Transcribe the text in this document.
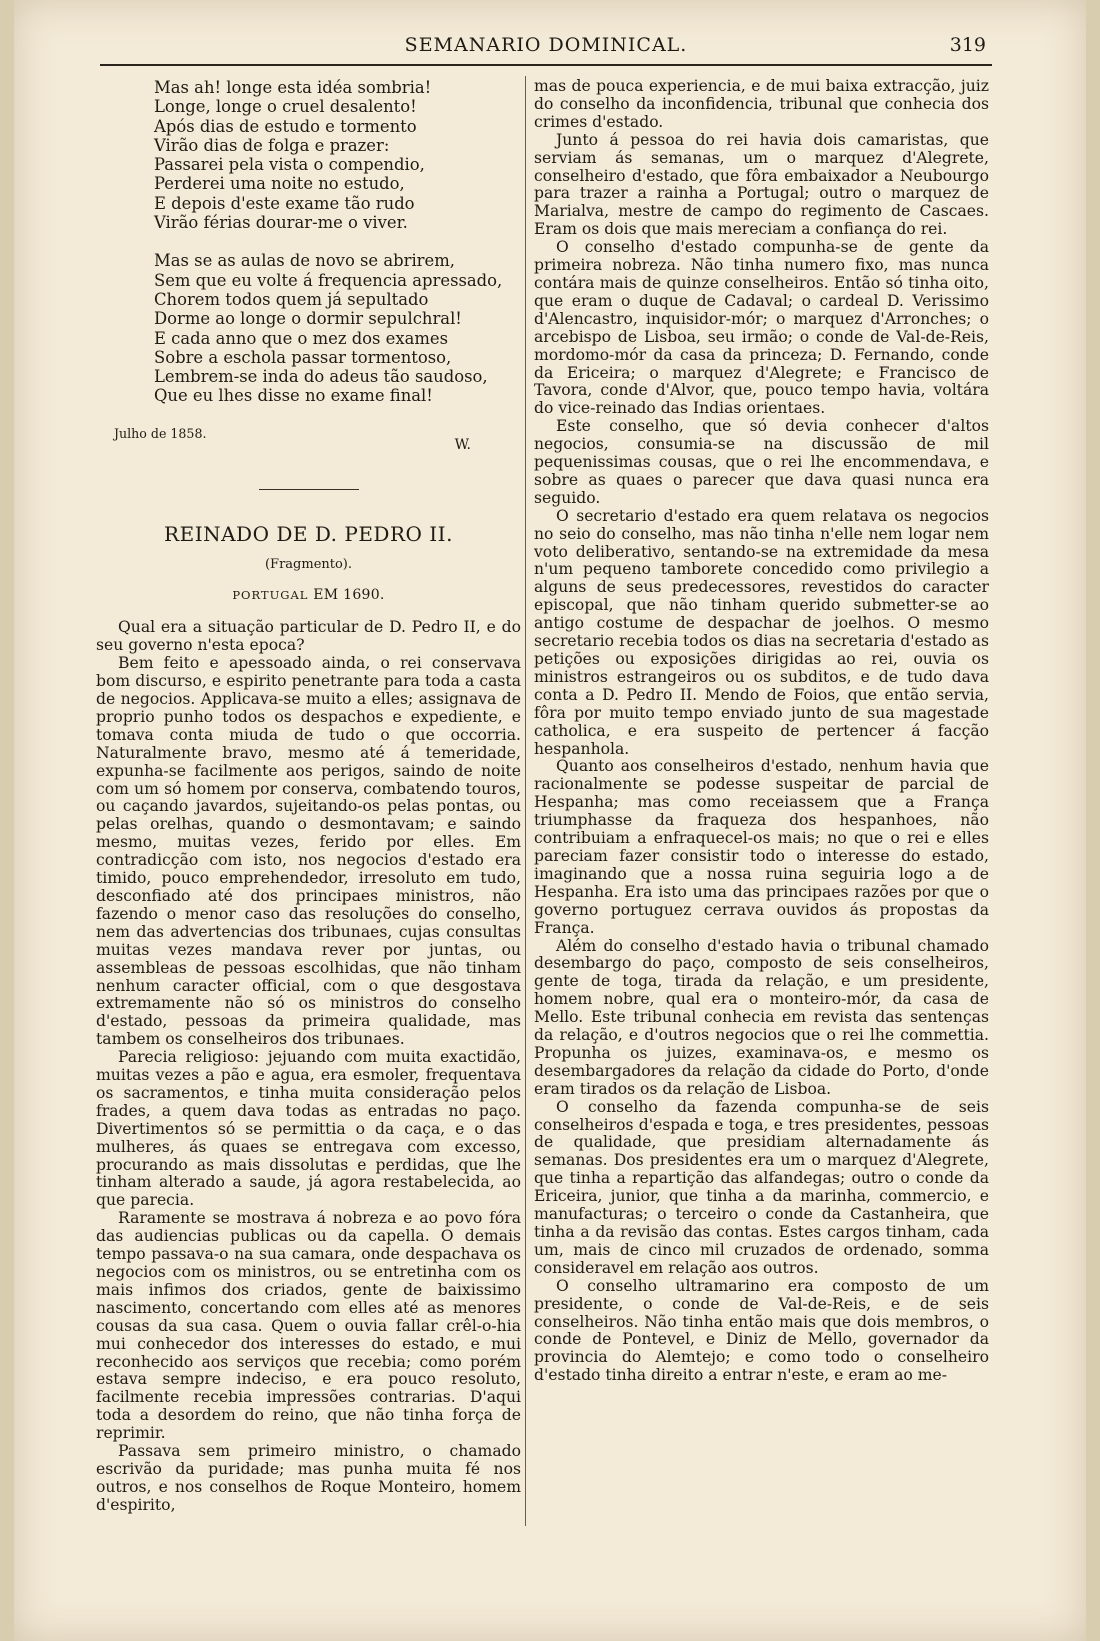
SEMANARIO DOMINICAL.	319
Mas ah! longe esta idéa sombria!
Longe, longe o cruel desalento!
Após dias de estudo e tormento
Virão dias de folga e prazer:
Passarei pela vista o compendio,
Perderei uma noite no estudo,
E depois d'este exame tão rudo
Virão férias dourar-me o viver.
Mas se as aulas de novo se abrirem,
Sem que eu volte á frequencia apressado,
Chorem todos quem já sepultado
Dorme ao longe o dormir sepulchral!
E cada anno que o mez dos exames
Sobre a eschola passar tormentoso,
Lembrem-se inda do adeus tão saudoso,
Que eu lhes disse no exame final!
Julho de 1858.
W.
REINADO DE D. PEDRO II.
(Fragmento).
PORTUGAL EM 1690.

Qual era a situação particular de D. Pedro II, e do seu governo n'esta epoca?

Bem feito e apessoado ainda, o rei conservava bom discurso, e espirito penetrante para toda a casta de negocios. Applicava-se muito a elles; assignava de proprio punho todos os despachos e expediente, e tomava conta miuda de tudo o que occorria. Naturalmente bravo, mesmo até á temeridade, expunha-se facilmente aos perigos, saindo de noite com um só homem por conserva, combatendo touros, ou caçando javardos, sujeitando-os pelas pontas, ou pelas orelhas, quando o desmontavam; e saindo mesmo, muitas vezes, ferido por elles. Em contradicção com isto, nos negocios d'estado era timido, pouco emprehendedor, irresoluto em tudo, desconfiado até dos principaes ministros, não fazendo o menor caso das resoluções do conselho, nem das advertencias dos tribunaes, cujas consultas muitas vezes mandava rever por juntas, ou assembleas de pessoas escolhidas, que não tinham nenhum caracter official, com o que desgostava extremamente não só os ministros do conselho d'estado, pessoas da primeira qualidade, mas tambem os conselheiros dos tribunaes.

Parecia religioso: jejuando com muita exactidão, muitas vezes a pão e agua, era esmoler, frequentava os sacramentos, e tinha muita consideração pelos frades, a quem dava todas as entradas no paço. Divertimentos só se permittia o da caça, e o das mulheres, ás quaes se entregava com excesso, procurando as mais dissolutas e perdidas, que lhe tinham alterado a saude, já agora restabelecida, ao que parecia.

Raramente se mostrava á nobreza e ao povo fóra das audiencias publicas ou da capella. O demais tempo passava-o na sua camara, onde despachava os negocios com os ministros, ou se entretinha com os mais infimos dos criados, gente de baixissimo nascimento, concertando com elles até as menores cousas da sua casa. Quem o ouvia fallar crêl-o-hia mui conhecedor dos interesses do estado, e mui reconhecido aos serviços que recebia; como porém estava sempre indeciso, e era pouco resoluto, facilmente recebia impressões contrarias. D'aqui toda a desordem do reino, que não tinha força de reprimir.

Passava sem primeiro ministro, o chamado escrivão da puridade; mas punha muita fé nos outros, e nos conselhos de Roque Monteiro, homem d'espirito,

mas de pouca experiencia, e de mui baixa extracção, juiz do conselho da inconfidencia, tribunal que conhecia dos crimes d'estado.

Junto á pessoa do rei havia dois camaristas, que serviam ás semanas, um o marquez d'Alegrete, conselheiro d'estado, que fôra embaixador a Neubourgo para trazer a rainha a Portugal; outro o marquez de Marialva, mestre de campo do regimento de Cascaes. Eram os dois que mais mereciam a confiança do rei.

O conselho d'estado compunha-se de gente da primeira nobreza. Não tinha numero fixo, mas nunca contára mais de quinze conselheiros. Então só tinha oito, que eram o duque de Cadaval; o cardeal D. Verissimo d'Alencastro, inquisidor-mór; o marquez d'Arronches; o arcebispo de Lisboa, seu irmão; o conde de Val-de-Reis, mordomo-mór da casa da princeza; D. Fernando, conde da Ericeira; o marquez d'Alegrete; e Francisco de Tavora, conde d'Alvor, que, pouco tempo havia, voltára do vice-reinado das Indias orientaes.

Este conselho, que só devia conhecer d'altos negocios, consumia-se na discussão de mil pequenissimas cousas, que o rei lhe encommendava, e sobre as quaes o parecer que dava quasi nunca era seguido.

O secretario d'estado era quem relatava os negocios no seio do conselho, mas não tinha n'elle nem logar nem voto deliberativo, sentando-se na extremidade da mesa n'um pequeno tamborete concedido como privilegio a alguns de seus predecessores, revestidos do caracter episcopal, que não tinham querido submetter-se ao antigo costume de despachar de joelhos. O mesmo secretario recebia todos os dias na secretaria d'estado as petições ou exposições dirigidas ao rei, ouvia os ministros estrangeiros ou os subditos, e de tudo dava conta a D. Pedro II. Mendo de Foios, que então servia, fôra por muito tempo enviado junto de sua magestade catholica, e era suspeito de pertencer á facção hespanhola.

Quanto aos conselheiros d'estado, nenhum havia que racionalmente se podesse suspeitar de parcial de Hespanha; mas como receiassem que a França triumphasse da fraqueza dos hespanhoes, não contribuiam a enfraquecel-os mais; no que o rei e elles pareciam fazer consistir todo o interesse do estado, imaginando que a nossa ruina seguiria logo a de Hespanha. Era isto uma das principaes razões por que o governo portuguez cerrava ouvidos ás propostas da França.

Além do conselho d'estado havia o tribunal chamado desembargo do paço, composto de seis conselheiros, gente de toga, tirada da relação, e um presidente, homem nobre, qual era o monteiro-mór, da casa de Mello. Este tribunal conhecia em revista das sentenças da relação, e d'outros negocios que o rei lhe commettia. Propunha os juizes, examinava-os, e mesmo os desembargadores da relação da cidade do Porto, d'onde eram tirados os da relação de Lisboa.

O conselho da fazenda compunha-se de seis conselheiros d'espada e toga, e tres presidentes, pessoas de qualidade, que presidiam alternadamente ás semanas. Dos presidentes era um o marquez d'Alegrete, que tinha a repartição das alfandegas; outro o conde da Ericeira, junior, que tinha a da marinha, commercio, e manufacturas; o terceiro o conde da Castanheira, que tinha a da revisão das contas. Estes cargos tinham, cada um, mais de cinco mil cruzados de ordenado, somma consideravel em relação aos outros.

O conselho ultramarino era composto de um presidente, o conde de Val-de-Reis, e de seis conselheiros. Não tinha então mais que dois membros, o conde de Pontevel, e Diniz de Mello, governador da provincia do Alemtejo; e como todo o conselheiro d'estado tinha direito a entrar n'este, e eram ao me-
